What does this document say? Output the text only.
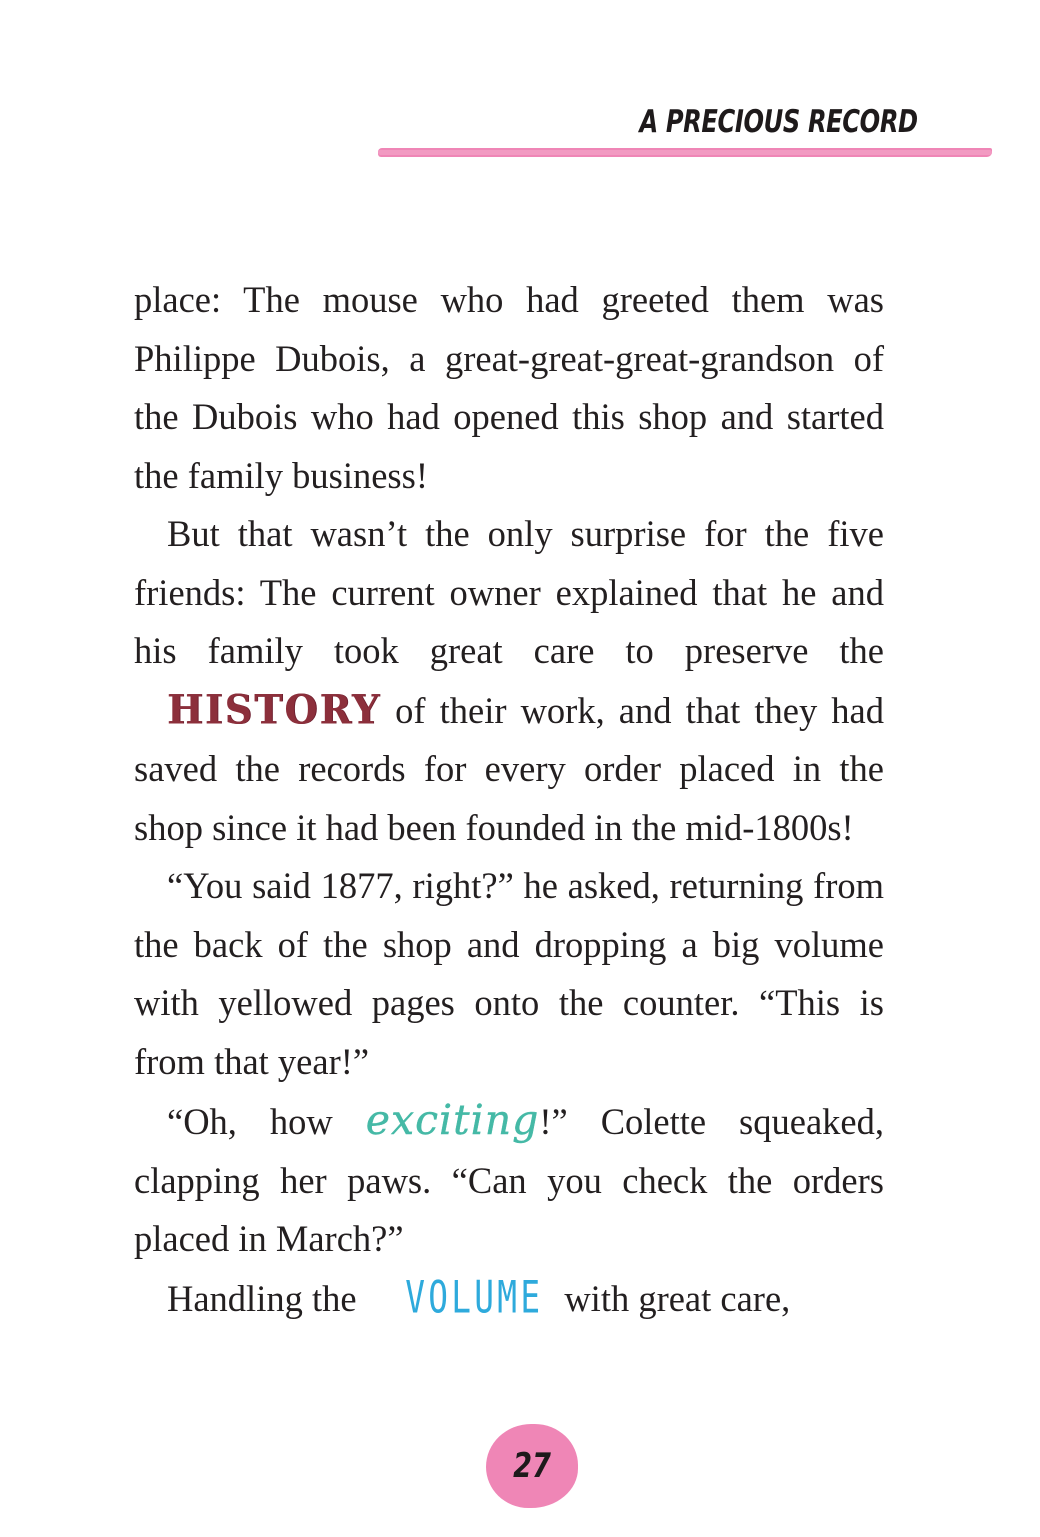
A PRECIOUS RECORD

place: The mouse who had greeted them was Philippe Dubois, a great-great-great-grandson of the Dubois who had opened this shop and started the family business!

But that wasn’t the only surprise for the five friends: The current owner explained that he and his family took great care to preserve the HISTORY of their work, and that they had saved the records for every order placed in the shop since it had been founded in the mid-1800s!

“You said 1877, right?” he asked, returning from the back of the shop and dropping a big volume with yellowed pages onto the counter. “This is from that year!”

“Oh, how exciting!” Colette squeaked, clapping her paws. “Can you check the orders placed in March?”

Handling the VOLUME with great care,

27
